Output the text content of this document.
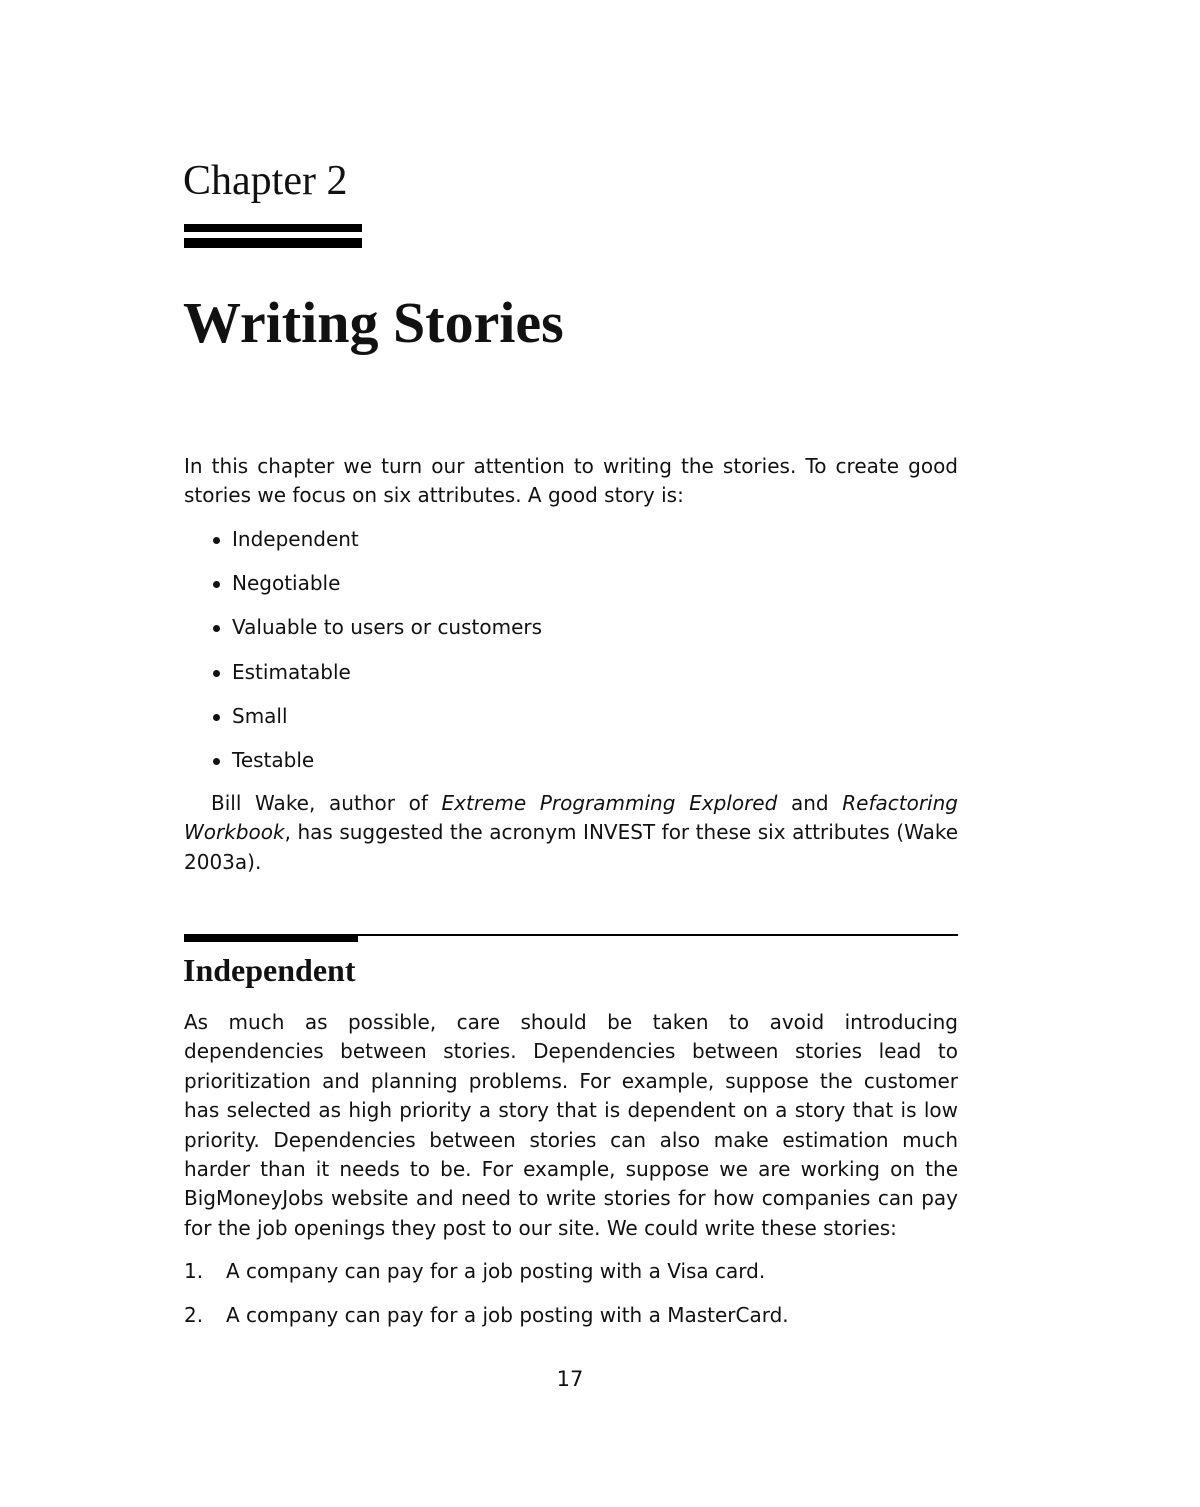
Chapter 2
Writing Stories

In this chapter we turn our attention to writing the stories. To create good stories we focus on six attributes. A good story is:

Independent
Negotiable
Valuable to users or customers
Estimatable
Small
Testable

Bill Wake, author of Extreme Programming Explored and Refactoring Workbook, has suggested the acronym INVEST for these six attributes (Wake 2003a).

Independent

As much as possible, care should be taken to avoid introducing dependencies between stories. Dependencies between stories lead to prioritization and planning problems. For example, suppose the customer has selected as high priority a story that is dependent on a story that is low priority. Dependencies between stories can also make estimation much harder than it needs to be. For example, suppose we are working on the BigMoneyJobs website and need to write stories for how companies can pay for the job openings they post to our site. We could write these stories:

1. A company can pay for a job posting with a Visa card.
2. A company can pay for a job posting with a MasterCard.
17
